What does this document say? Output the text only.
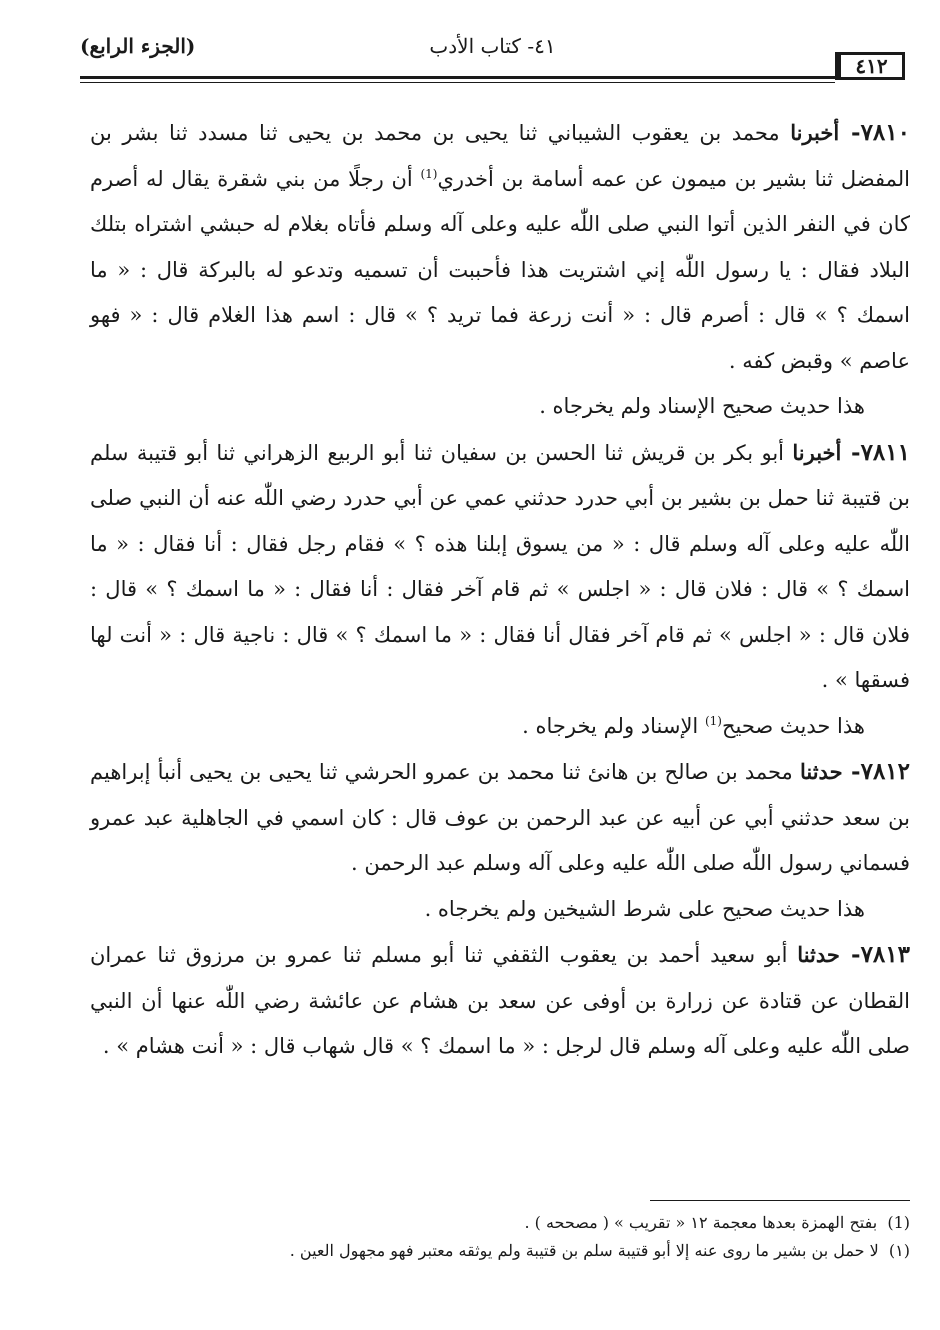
٤١٢
٤١- كتاب الأدب
(الجزء الرابع)

٧٨١٠- أخبرنا محمد بن يعقوب الشيباني ثنا يحيى بن محمد بن يحيى ثنا مسدد ثنا بشر بن المفضل ثنا بشير بن ميمون عن عمه أسامة بن أخدري$^{(1)}$ أن رجلًا من بني شقرة يقال له أصرم كان في النفر الذين أتوا النبي صلى اللّٰه عليه وعلى آله وسلم فأتاه بغلام له حبشي اشتراه بتلك البلاد فقال : يا رسول اللّٰه إني اشتريت هذا فأحببت أن تسميه وتدعو له بالبركة قال : « ما اسمك ؟ » قال : أصرم قال : « أنت زرعة فما تريد ؟ » قال : اسم هذا الغلام قال : « فهو عاصم » وقبض كفه .

هذا حديث صحيح الإسناد ولم يخرجاه .

٧٨١١- أخبرنا أبو بكر بن قريش ثنا الحسن بن سفيان ثنا أبو الربيع الزهراني ثنا أبو قتيبة سلم بن قتيبة ثنا حمل بن بشير بن أبي حدرد حدثني عمي عن أبي حدرد رضي اللّٰه عنه أن النبي صلى اللّٰه عليه وعلى آله وسلم قال : « من يسوق إبلنا هذه ؟ » فقام رجل فقال : أنا فقال : « ما اسمك ؟ » قال : فلان قال : « اجلس » ثم قام آخر فقال : أنا فقال : « ما اسمك ؟ » قال : فلان قال : « اجلس » ثم قام آخر فقال أنا فقال : « ما اسمك ؟ » قال : ناجية قال : « أنت لها فسقها » .

هذا حديث صحيح$^{(1)}$ الإسناد ولم يخرجاه .

٧٨١٢- حدثنا محمد بن صالح بن هانئ ثنا محمد بن عمرو الحرشي ثنا يحيى بن يحيى أنبأ إبراهيم بن سعد حدثني أبي عن أبيه عن عبد الرحمن بن عوف قال : كان اسمي في الجاهلية عبد عمرو فسماني رسول اللّٰه صلى اللّٰه عليه وعلى آله وسلم عبد الرحمن .

هذا حديث صحيح على شرط الشيخين ولم يخرجاه .

٧٨١٣- حدثنا أبو سعيد أحمد بن يعقوب الثقفي ثنا أبو مسلم ثنا عمرو بن مرزوق ثنا عمران القطان عن قتادة عن زرارة بن أوفى عن سعد بن هشام عن عائشة رضي اللّٰه عنها أن النبي صلى اللّٰه عليه وعلى آله وسلم قال لرجل : « ما اسمك ؟ » قال شهاب قال : « أنت هشام » .

(1)  بفتح الهمزة بعدها معجمة ١٢ « تقريب » ( مصححه ) .

(١)  لا حمل بن بشير ما روى عنه إلا أبو قتيبة سلم بن قتيبة ولم يوثقه معتبر فهو مجهول العين .
